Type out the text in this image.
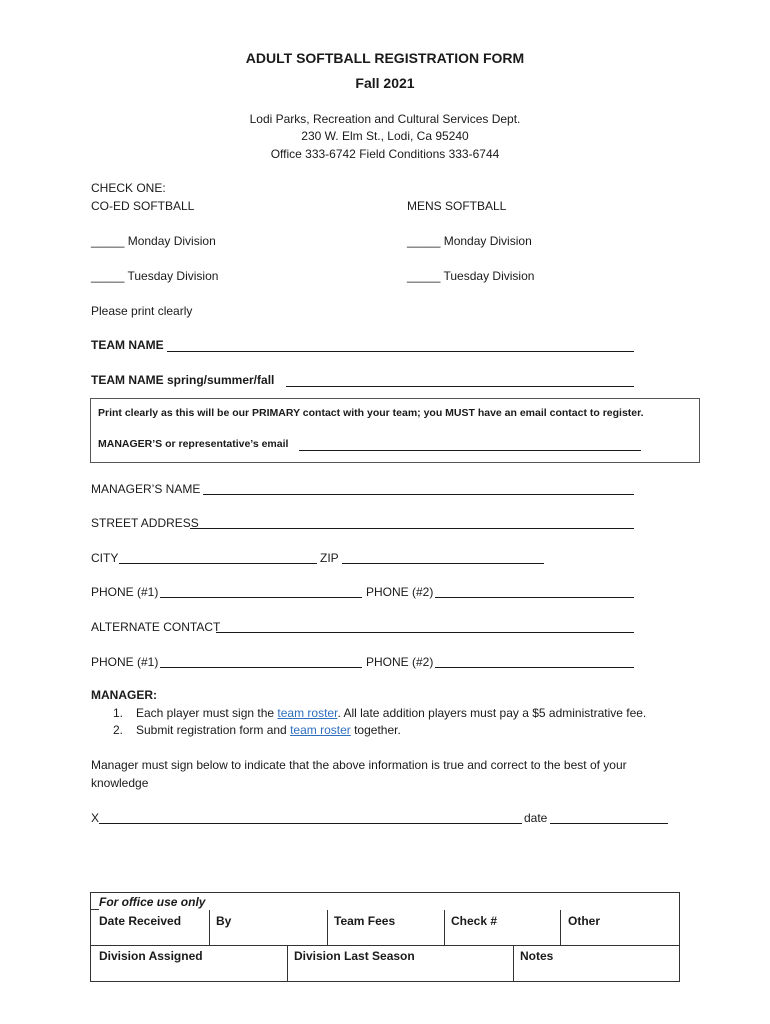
ADULT SOFTBALL REGISTRATION FORM
Fall 2021
Lodi Parks, Recreation and Cultural Services Dept.
230 W. Elm St., Lodi, Ca 95240
Office 333-6742 Field Conditions 333-6744
CHECK ONE:
CO-ED SOFTBALL	MENS SOFTBALL
_____ Monday Division	_____ Monday Division
_____ Tuesday Division	_____ Tuesday Division
Please print clearly
TEAM NAME
TEAM NAME spring/summer/fall
Print clearly as this will be our PRIMARY contact with your team; you MUST have an email contact to register.
MANAGER’S or representative’s email
MANAGER’S NAME
STREET ADDRESS
CITY	ZIP
PHONE (#1)	PHONE (#2)
ALTERNATE CONTACT
PHONE (#1)	PHONE (#2)
MANAGER:
1. Each player must sign the team roster. All late addition players must pay a $5 administrative fee.
2. Submit registration form and team roster together.
Manager must sign below to indicate that the above information is true and correct to the best of your
knowledge
X	date
For office use only
Date Received	By	Team Fees	Check #	Other
Division Assigned	Division Last Season	Notes
